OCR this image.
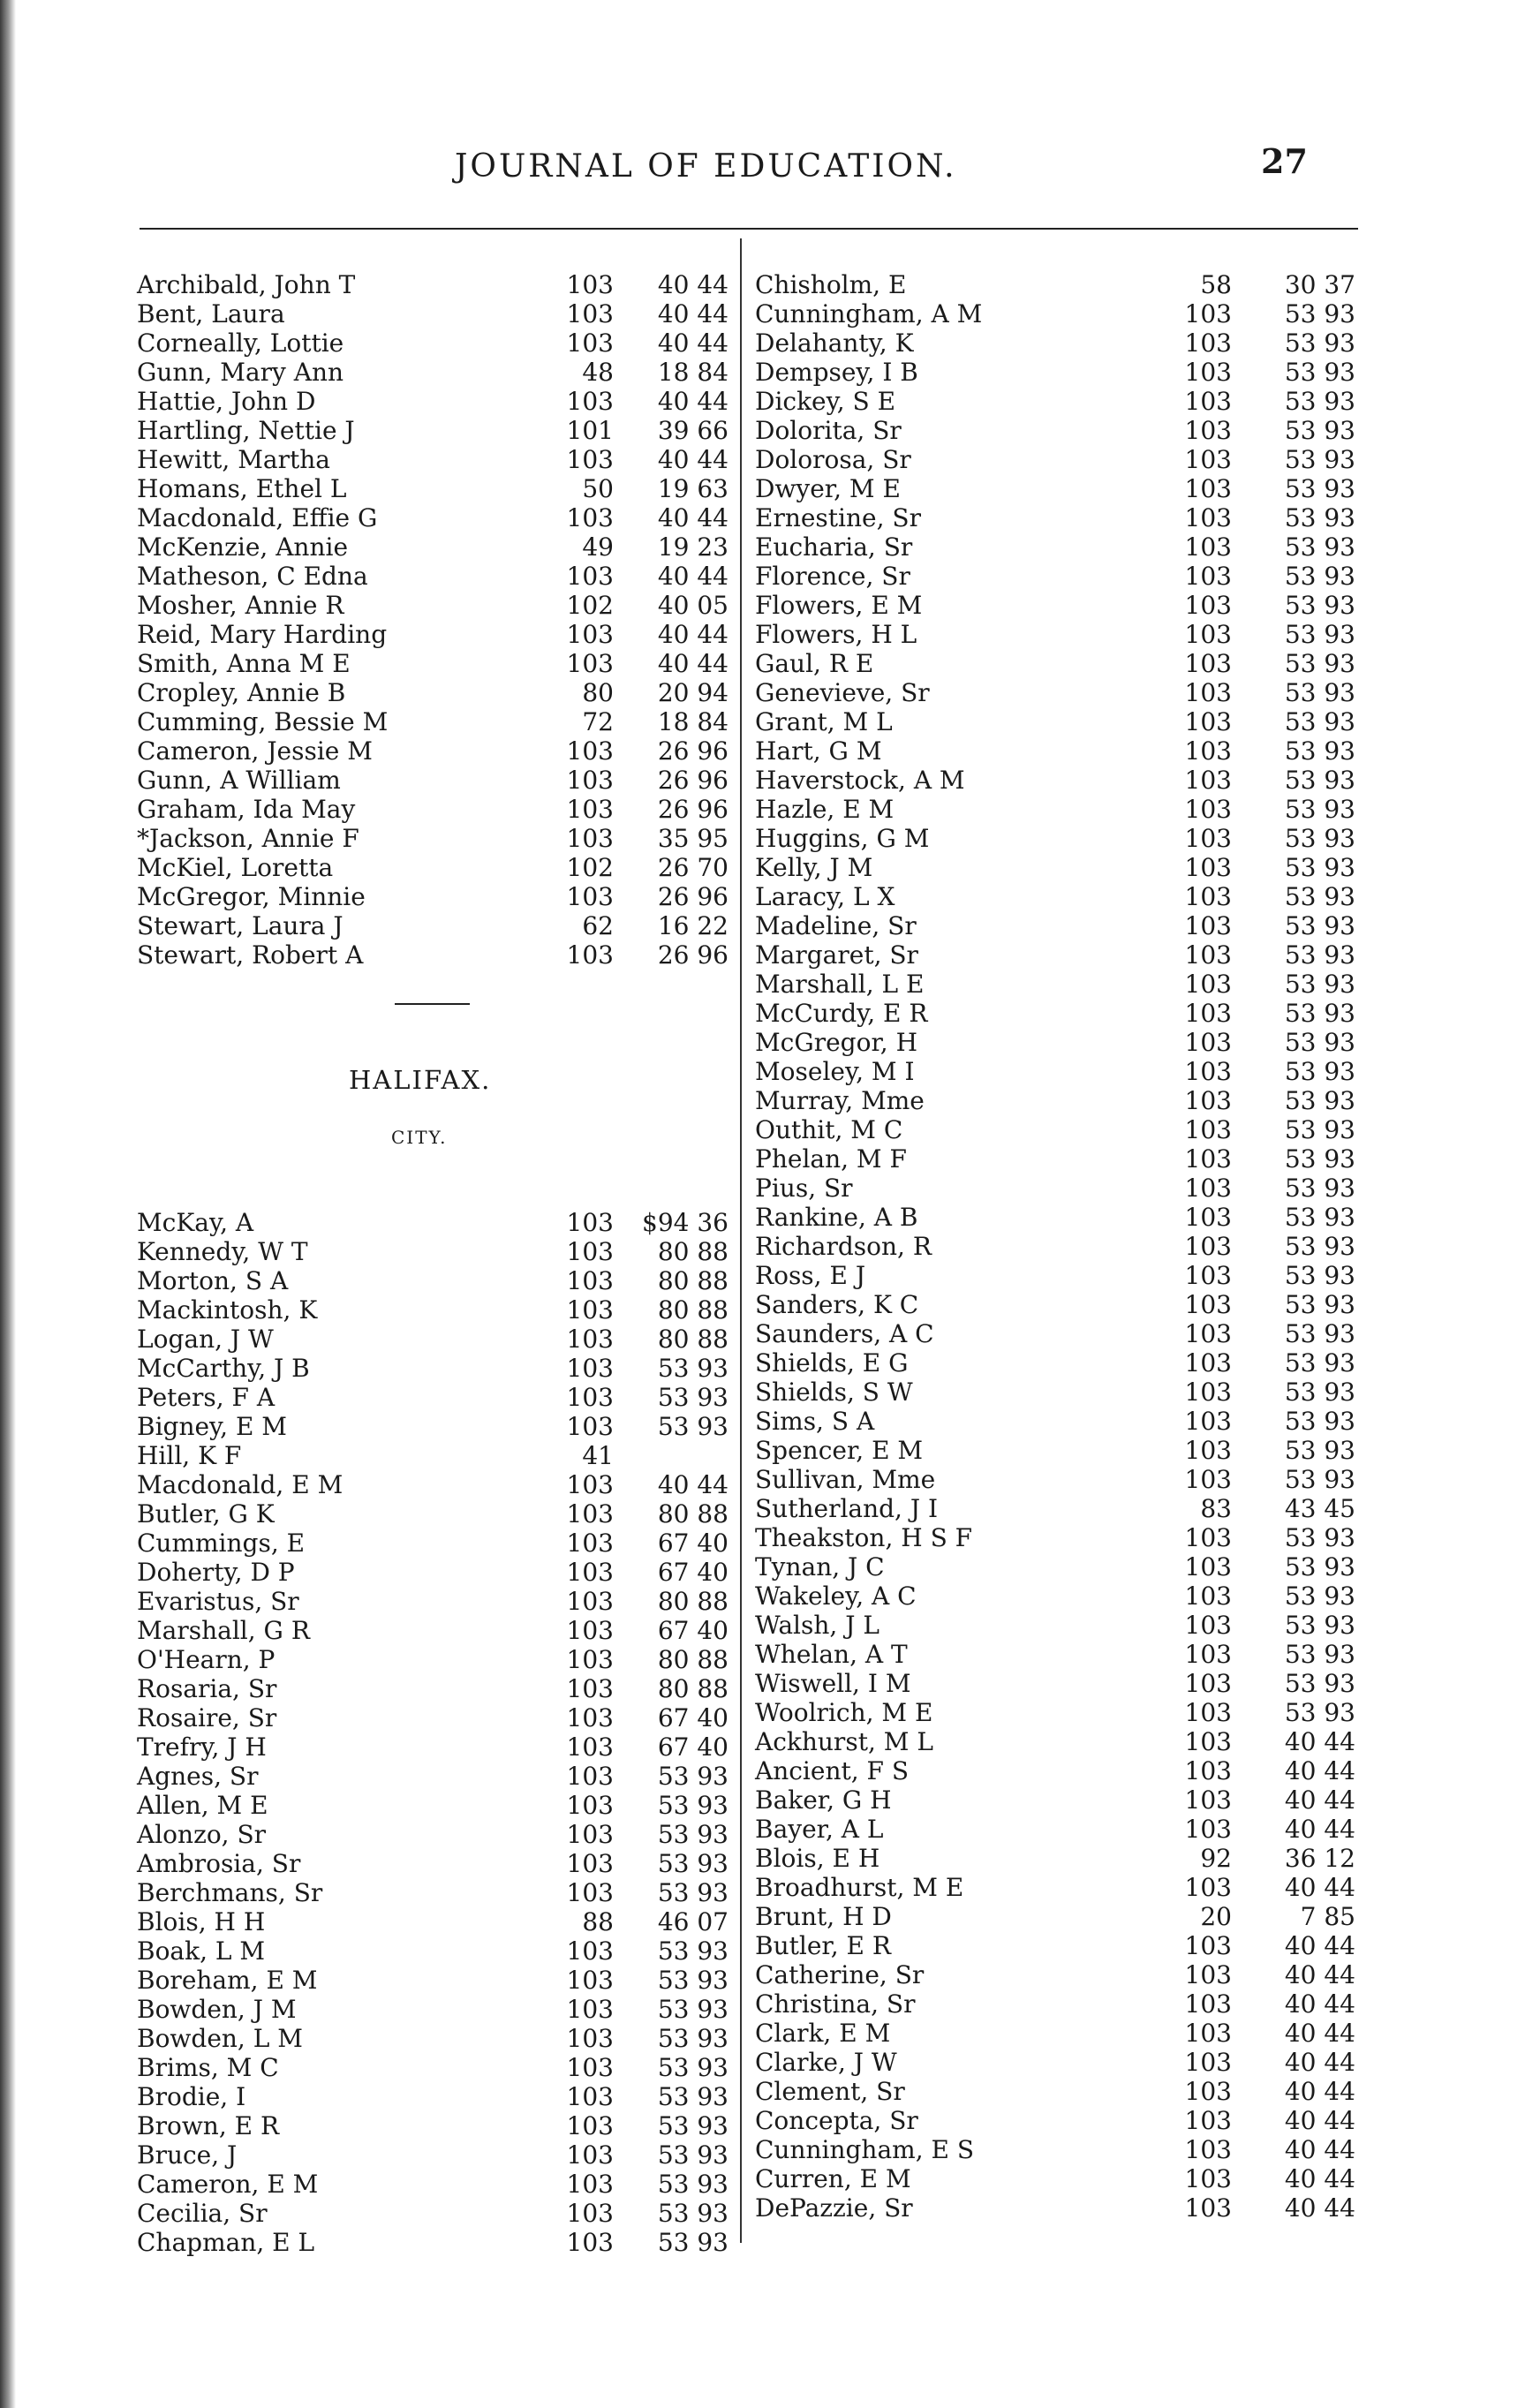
JOURNAL OF EDUCATION.	27
Archibald, John T	103	40 44
Bent, Laura	103	40 44
Corneally, Lottie	103	40 44
Gunn, Mary Ann	48	18 84
Hattie, John D	103	40 44
Hartling, Nettie J	101	39 66
Hewitt, Martha	103	40 44
Homans, Ethel L	50	19 63
Macdonald, Effie G	103	40 44
McKenzie, Annie	49	19 23
Matheson, C Edna	103	40 44
Mosher, Annie R	102	40 05
Reid, Mary Harding	103	40 44
Smith, Anna M E	103	40 44
Cropley, Annie B	80	20 94
Cumming, Bessie M	72	18 84
Cameron, Jessie M	103	26 96
Gunn, A William	103	26 96
Graham, Ida May	103	26 96
*Jackson, Annie F	103	35 95
McKiel, Loretta	102	26 70
McGregor, Minnie	103	26 96
Stewart, Laura J	62	16 22
Stewart, Robert A	103	26 96
HALIFAX.
CITY.
McKay, A	103 $94 36
Kennedy, W T	103	80 88
Morton, S A	103	80 88
Mackintosh, K	103	80 88
Logan, J W	103	80 88
McCarthy, J B	103	53 93
Peters, F A	103	53 93
Bigney, E M	103	53 93
Hill, K F	41
Macdonald, E M	103	40 44
Butler, G K	103	80 88
Cummings, E	103	67 40
Doherty, D P	103	67 40
Evaristus, Sr	103	80 88
Marshall, G R	103	67 40
O'Hearn, P	103	80 88
Rosaria, Sr	103	80 88
Rosaire, Sr	103	67 40
Trefry, J H	103	67 40
Agnes, Sr	103	53 93
Allen, M E	103	53 93
Alonzo, Sr	103	53 93
Ambrosia, Sr	103	53 93
Berchmans, Sr	103	53 93
Blois, H H	88	46 07
Boak, L M	103	53 93
Boreham, E M	103	53 93
Bowden, J M	103	53 93
Bowden, L M	103	53 93
Brims, M C	103	53 93
Brodie, I	103	53 93
Brown, E R	103	53 93
Bruce, J	103	53 93
Cameron, E M	103	53 93
Cecilia, Sr	103	53 93
Chapman, E L	103	53 93
Chisholm, E	58	30 37
Cunningham, A M	103	53 93
Delahanty, K	103	53 93
Dempsey, I B	103	53 93
Dickey, S E	103	53 93
Dolorita, Sr	103	53 93
Dolorosa, Sr	103	53 93
Dwyer, M E	103	53 93
Ernestine, Sr	103	53 93
Eucharia, Sr	103	53 93
Florence, Sr	103	53 93
Flowers, E M	103	53 93
Flowers, H L	103	53 93
Gaul, R E	103	53 93
Genevieve, Sr	103	53 93
Grant, M L	103	53 93
Hart, G M	103	53 93
Haverstock, A M	103	53 93
Hazle, E M	103	53 93
Huggins, G M	103	53 93
Kelly, J M	103	53 93
Laracy, L X	103	53 93
Madeline, Sr	103	53 93
Margaret, Sr	103	53 93
Marshall, L E	103	53 93
McCurdy, E R	103	53 93
McGregor, H	103	53 93
Moseley, M I	103	53 93
Murray, Mme	103	53 93
Outhit, M C	103	53 93
Phelan, M F	103	53 93
Pius, Sr	103	53 93
Rankine, A B	103	53 93
Richardson, R	103	53 93
Ross, E J	103	53 93
Sanders, K C	103	53 93
Saunders, A C	103	53 93
Shields, E G	103	53 93
Shields, S W	103	53 93
Sims, S A	103	53 93
Spencer, E M	103	53 93
Sullivan, Mme	103	53 93
Sutherland, J I	83	43 45
Theakston, H S F	103	53 93
Tynan, J C	103	53 93
Wakeley, A C	103	53 93
Walsh, J L	103	53 93
Whelan, A T	103	53 93
Wiswell, I M	103	53 93
Woolrich, M E	103	53 93
Ackhurst, M L	103	40 44
Ancient, F S	103	40 44
Baker, G H	103	40 44
Bayer, A L	103	40 44
Blois, E H	92	36 12
Broadhurst, M E	103	40 44
Brunt, H D	20	7 85
Butler, E R	103	40 44
Catherine, Sr	103	40 44
Christina, Sr	103	40 44
Clark, E M	103	40 44
Clarke, J W	103	40 44
Clement, Sr	103	40 44
Concepta, Sr	103	40 44
Cunningham, E S	103	40 44
Curren, E M	103	40 44
DePazzie, Sr	103	40 44
